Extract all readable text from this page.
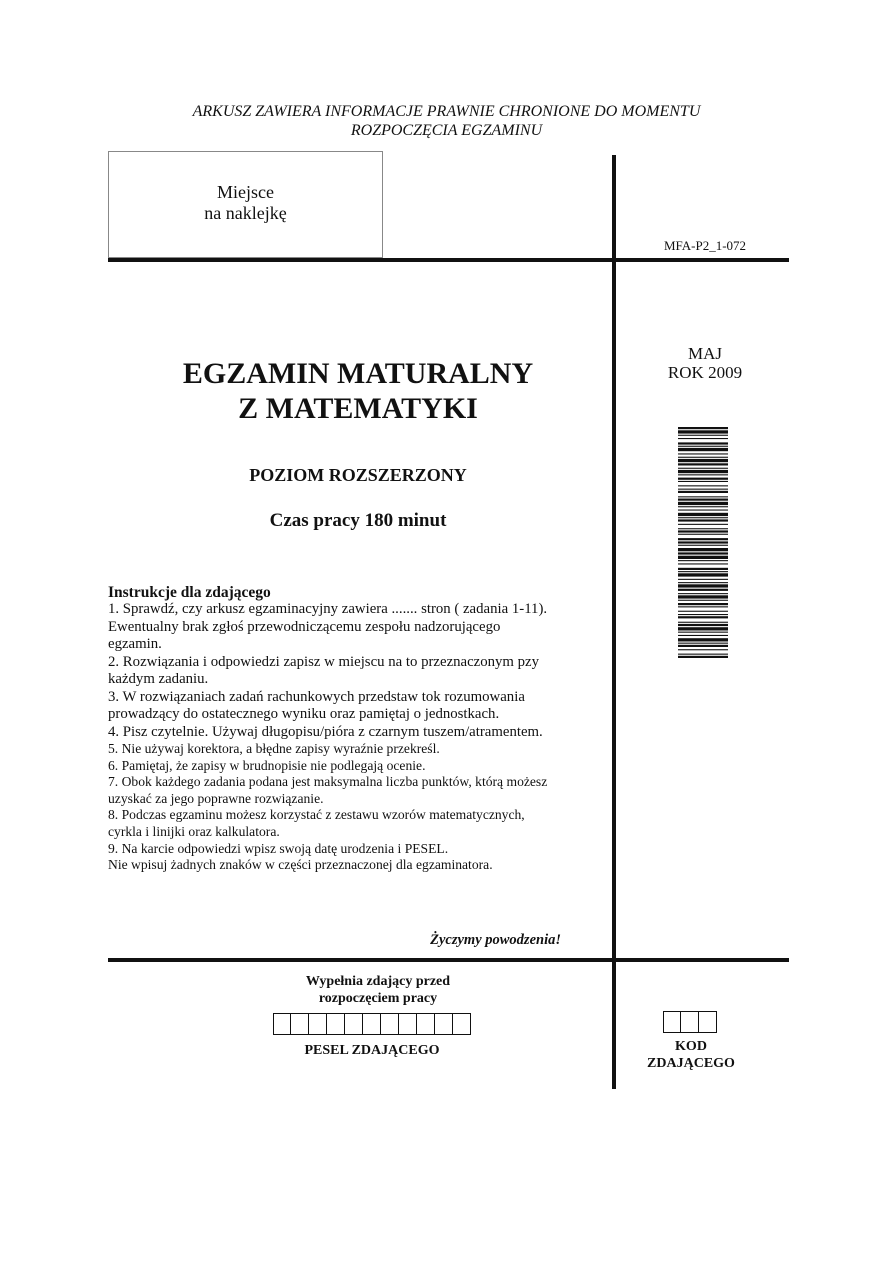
ARKUSZ ZAWIERA INFORMACJE PRAWNIE CHRONIONE DO MOMENTU
ROZPOCZĘCIA EGZAMINU
Miejsce
na naklejkę
MFA-P2_1-072
MAJ
ROK 2009
EGZAMIN MATURALNY
Z MATEMATYKI
POZIOM ROZSZERZONY
Czas pracy 180 minut
Instrukcje dla zdającego
1. Sprawdź, czy arkusz egzaminacyjny zawiera ....... stron ( zadania 1-11).
Ewentualny brak zgłoś przewodniczącemu zespołu nadzorującego
egzamin.
2. Rozwiązania i odpowiedzi zapisz w miejscu na to przeznaczonym pzy
każdym zadaniu.
3. W rozwiązaniach zadań rachunkowych przedstaw tok rozumowania
prowadzący do ostatecznego wyniku oraz pamiętaj o jednostkach.
4. Pisz czytelnie. Używaj długopisu/pióra z czarnym tuszem/atramentem.
5. Nie używaj korektora, a błędne zapisy wyraźnie przekreśl.
6. Pamiętaj, że zapisy w brudnopisie nie podlegają ocenie.
7. Obok każdego zadania podana jest maksymalna liczba punktów, którą możesz
uzyskać za jego poprawne rozwiązanie.
8. Podczas egzaminu możesz korzystać z zestawu wzorów matematycznych,
cyrkla i linijki oraz kalkulatora.
9. Na karcie odpowiedzi wpisz swoją datę urodzenia i PESEL.
Nie wpisuj żadnych znaków w części przeznaczonej dla egzaminatora.
Życzymy powodzenia!
Wypełnia zdający przed
rozpoczęciem pracy
PESEL ZDAJĄCEGO	KOD
ZDAJĄCEGO
